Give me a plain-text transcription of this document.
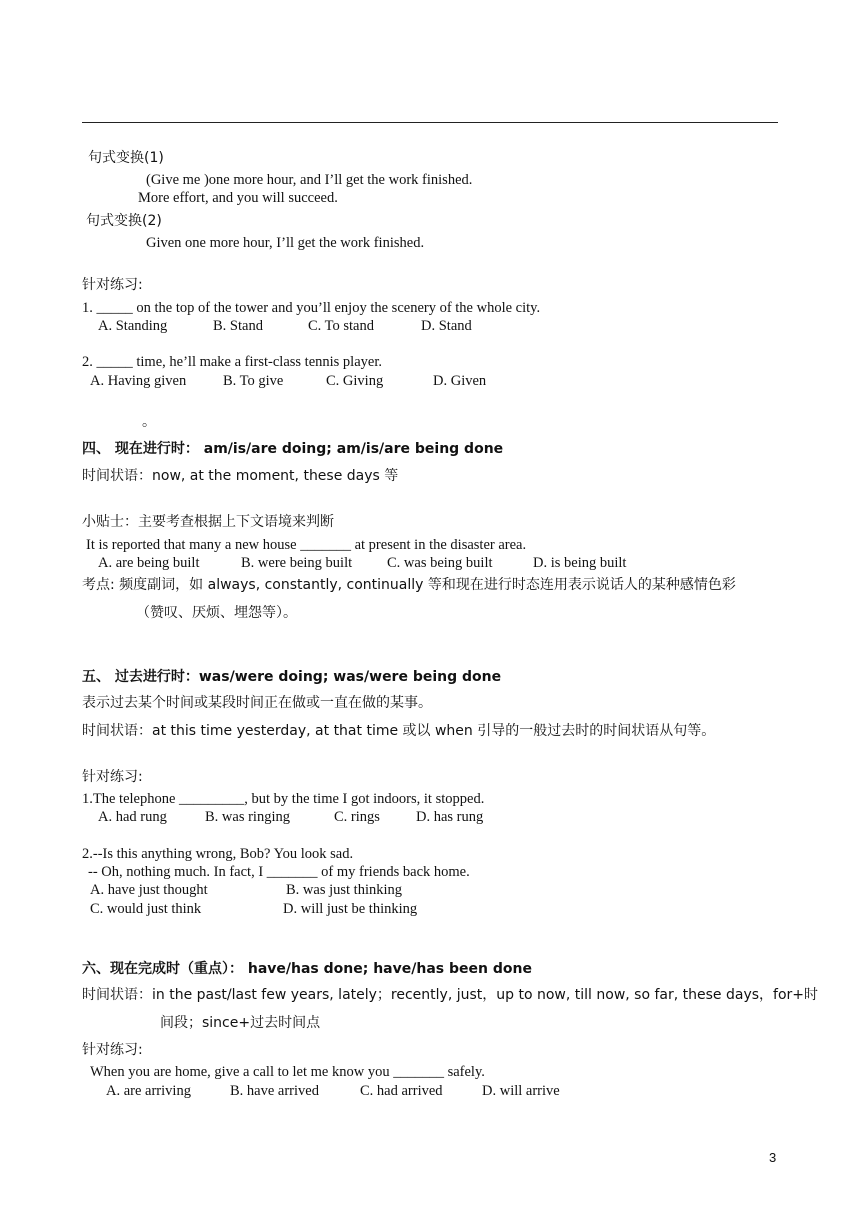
句式变换(1)
(Give me )one more hour, and I’ll get the work finished.
More effort, and you will succeed.
句式变换(2)
Given one more hour, I’ll get the work finished.
针对练习:
1. _____ on the top of the tower and you’ll enjoy the scenery of the whole city.
A. Standing	B. Stand	C. To stand	D. Stand
2. _____ time, he’ll make a first-class tennis player.
A. Having given	B. To give	C. Giving	D. Given
。
四、 现在进行时： am/is/are doing; am/is/are being done
时间状语：now, at the moment, these days 等
小贴士：主要考查根据上下文语境来判断
It is reported that many a new house _______ at present in the disaster area.
A. are being built	B. were being built C. was being built	D. is being built
考点: 频度副词，如 always, constantly, continually 等和现在进行时态连用表示说话人的某种感情色彩
（赞叹、厌烦、埋怨等）。
五、 过去进行时：was/were doing; was/were being done
表示过去某个时间或某段时间正在做或一直在做的某事。
时间状语：at this time yesterday, at that time 或以 when 引导的一般过去时的时间状语从句等。
针对练习:
1.The telephone _________, but by the time I got indoors, it stopped.
A. had rung	B. was ringing	C. rings D. has rung
2.--Is this anything wrong, Bob? You look sad.
-- Oh, nothing much. In fact, I _______ of my friends back home.
A. have just thought	B. was just thinking
C. would just think	D. will just be thinking
六、现在完成时（重点）： have/has done; have/has been done
时间状语：in the past/last few years, lately；recently, just，up to now, till now, so far, these days，for+时
间段；since+过去时间点
针对练习:
When you are home, give a call to let me know you _______ safely.
A. are arriving	B. have arrived	C. had arrived	D. will arrive
3
